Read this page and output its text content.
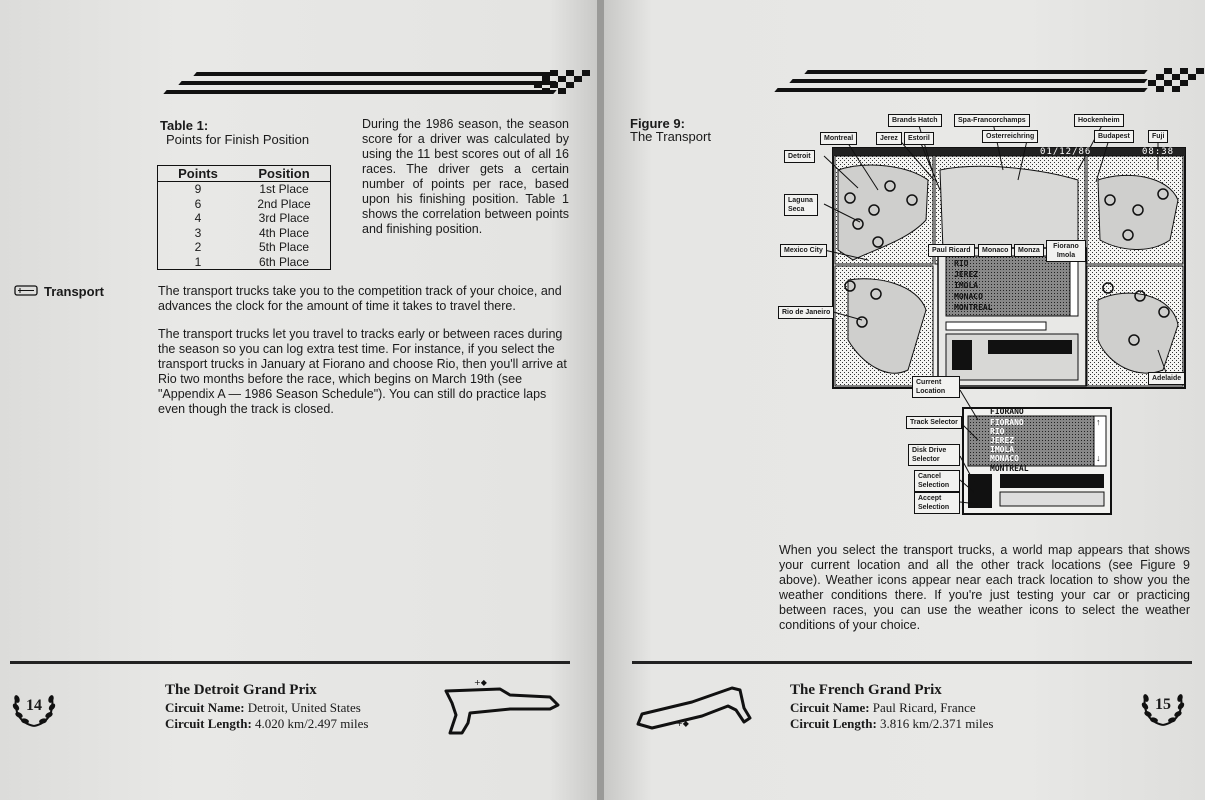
Table 1:
Points for Finish Position
Points	Position
9	1st Place
6	2nd Place
4	3rd Place
3	4th Place
2	5th Place
1	6th Place
During the 1986 season, the season score for a driver was calculated by using the 11 best scores out of all 16 races. The driver gets a certain number of points per race, based upon his finishing position. Table 1 shows the correlation between points and finishing position.
Transport	The transport trucks take you to the competition track of your choice, and advances the clock for the amount of time it takes to travel there.
The transport trucks let you travel to tracks early or between races during the season so you can log extra test time. For instance, if you select the transport trucks in January at Fiorano and choose Rio, then you'll arrive at Rio two months before the race, which begins on March 19th (see "Appendix A — 1986 Season Schedule"). You can still do practice laps even though the track is closed.
14
The Detroit Grand Prix
Circuit Name: Detroit, United States
Circuit Length: 4.020 km/2.497 miles
+◆
Figure 9:
The Transport
01/12/86	08:38
RIO
JEREZ
IMOLA
MONACO
MONTREAL
FIORANO
FIORANO
RIO
JEREZ
IMOLA
MONACO
MONTREAL
↑
↓
Brands Hatch	Spa-Francorchamps	Hockenheim
Montreal	Jerez	Estoril	Osterreichring	Budapest	Fuji
Detroit
Laguna Seca
Mexico City	Paul Ricard	Monaco	Monza
Fiorano Imola
Rio de Janeiro
Adelaide
Current Location
Track Selector
Disk Drive Selector
Cancel Selection
Accept Selection
When you select the transport trucks, a world map appears that shows your current location and all the other track locations (see Figure 9 above). Weather icons appear near each track location to show you the weather conditions there. If you're just testing your car or practicing between races, you can use the weather icons to select the weather conditions of your choice.
+◆
The French Grand Prix
Circuit Name: Paul Ricard, France
Circuit Length: 3.816 km/2.371 miles
15
